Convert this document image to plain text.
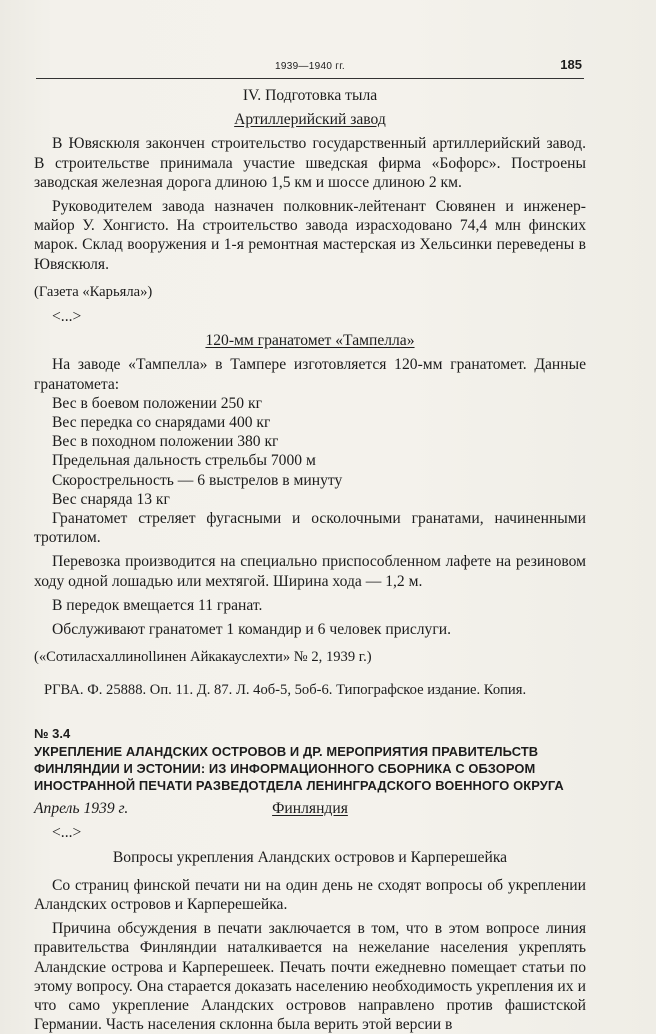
1939—1940 гг.	185

IV. Подготовка тыла

Артиллерийский завод

В Ювяскюля закончен строительство государственный артиллерийский завод. В строительстве принимала участие шведская фирма «Бофорс». Построены заводская железная дорога длиною 1,5 км и шоссе длиною 2 км.

Руководителем завода назначен полковник-лейтенант Сювянен и инженер-майор У. Хонгисто. На строительство завода израсходовано 74,4 млн финских марок. Склад вооружения и 1-я ремонтная мастерская из Хельсинки переведены в Ювяскюля.

(Газета «Карьяла»)

<...>

120-мм гранатомет «Тампелла»

На заводе «Тампелла» в Тампере изготовляется 120-мм гранатомет. Данные гранатомета:

Вес в боевом положении 250 кг

Вес передка со снарядами 400 кг

Вес в походном положении 380 кг

Предельная дальность стрельбы 7000 м

Скорострельность — 6 выстрелов в минуту

Вес снаряда 13 кг

Гранатомет стреляет фугасными и осколочными гранатами, начиненными тротилом.

Перевозка производится на специально приспособленном лафете на резиновом ходу одной лошадью или мехтягой. Ширина хода — 1,2 м.

В передок вмещается 11 гранат.

Обслуживают гранатомет 1 командир и 6 человек прислуги.

(«Сотиласхаллинollинен Айкакауслехти» № 2, 1939 г.)

РГВА. Ф. 25888. Оп. 11. Д. 87. Л. 4об-5, 5об-6. Типографское издание. Копия.

№ 3.4

УКРЕПЛЕНИЕ АЛАНДСКИХ ОСТРОВОВ И ДР. МЕРОПРИЯТИЯ ПРАВИТЕЛЬСТВ ФИНЛЯНДИИ И ЭСТОНИИ: ИЗ ИНФОРМАЦИОННОГО СБОРНИКА С ОБЗОРОМ ИНОСТРАННОЙ ПЕЧАТИ РАЗВЕДОТДЕЛА ЛЕНИНГРАДСКОГО ВОЕННОГО ОКРУГА

Апрель 1939 г.	Финляндия

<...>

Вопросы укрепления Аландских островов и Карперешейка

Со страниц финской печати ни на один день не сходят вопросы об укреплении Аландских островов и Карперешейка.

Причина обсуждения в печати заключается в том, что в этом вопросе линия правительства Финляндии наталкивается на нежелание населения укреплять Аландские острова и Карперешеек. Печать почти ежедневно помещает статьи по этому вопросу. Она старается доказать населению необходимость укрепления их и что само укрепление Аландских островов направлено против фашистской Германии. Часть населения склонна была верить этой версии в
